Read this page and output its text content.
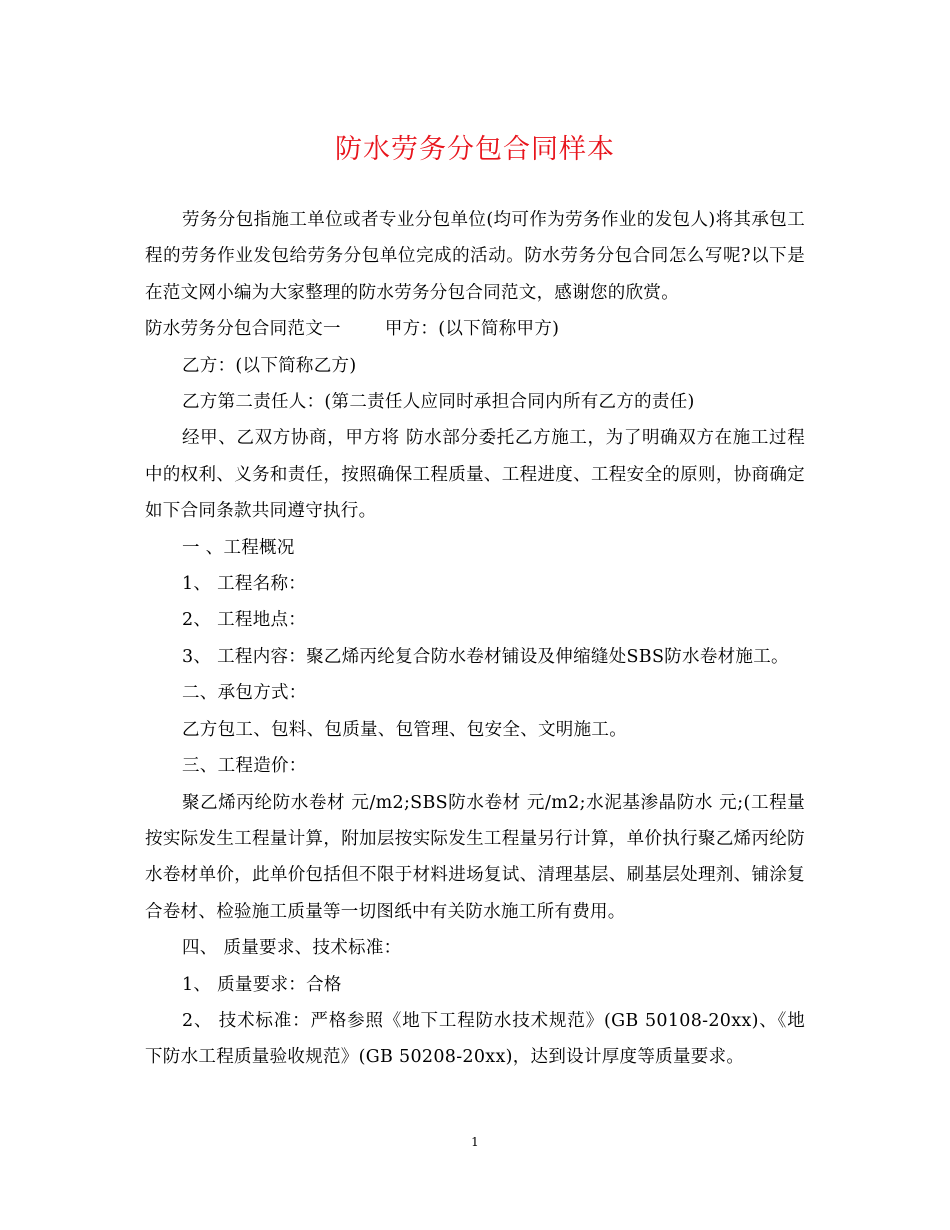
防水劳务分包合同样本

劳务分包指施工单位或者专业分包单位(均可作为劳务作业的发包人)将其承包工程的劳务作业发包给劳务分包单位完成的活动。防水劳务分包合同怎么写呢?以下是在范文网小编为大家整理的防水劳务分包合同范文，感谢您的欣赏。

防水劳务分包合同范文一	甲方：(以下简称甲方)

乙方：(以下简称乙方)

乙方第二责任人：(第二责任人应同时承担合同内所有乙方的责任)

经甲、乙双方协商，甲方将 防水部分委托乙方施工，为了明确双方在施工过程中的权利、义务和责任，按照确保工程质量、工程进度、工程安全的原则，协商确定如下合同条款共同遵守执行。

一 、工程概况

1、 工程名称：

2、 工程地点：

3、 工程内容：聚乙烯丙纶复合防水卷材铺设及伸缩缝处SBS防水卷材施工。

二、承包方式：

乙方包工、包料、包质量、包管理、包安全、文明施工。

三、工程造价：

聚乙烯丙纶防水卷材 元/m2;SBS防水卷材 元/m2;水泥基渗晶防水 元;(工程量按实际发生工程量计算，附加层按实际发生工程量另行计算，单价执行聚乙烯丙纶防水卷材单价，此单价包括但不限于材料进场复试、清理基层、刷基层处理剂、铺涂复合卷材、检验施工质量等一切图纸中有关防水施工所有费用。

四、 质量要求、技术标准：

1、 质量要求：合格

2、 技术标准：严格参照《地下工程防水技术规范》(GB 50108-20xx)、《地下防水工程质量验收规范》(GB 50208-20xx)，达到设计厚度等质量要求。

1
